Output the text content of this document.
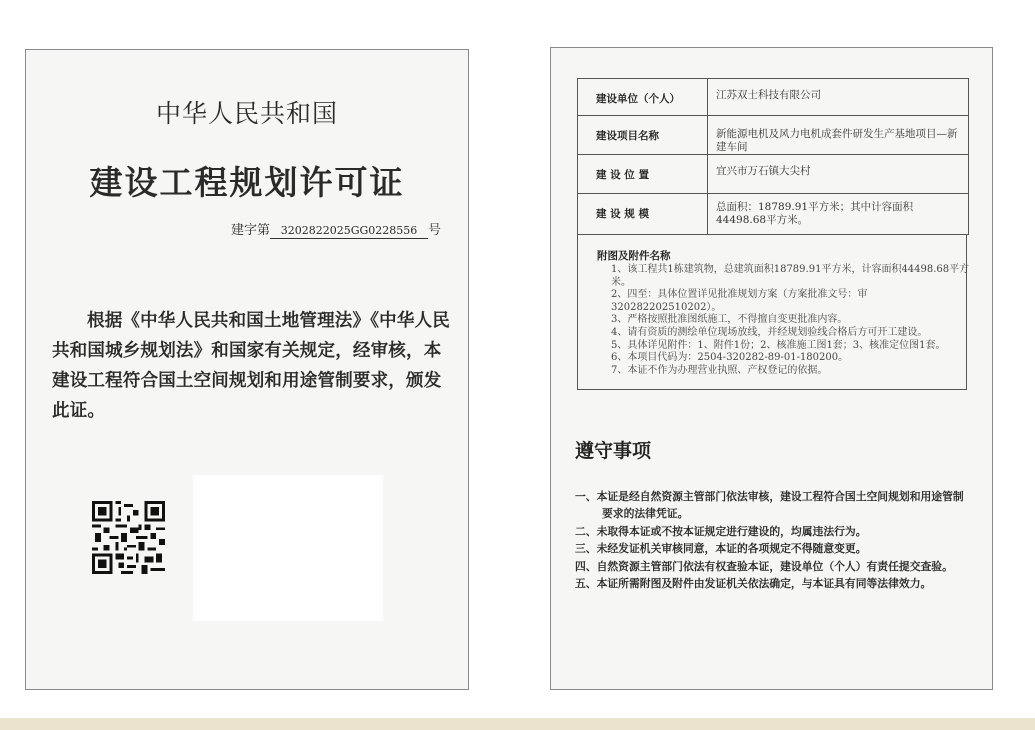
中华人民共和国
建设工程规划许可证
建字第 3202822025GG0228556 号
根据《中华人民共和国土地管理法》《中华人民共和国城乡规划法》和国家有关规定，经审核，本建设工程符合国土空间规划和用途管制要求，颁发此证。
建设单位（个人）	江苏双士科技有限公司
建设项目名称	新能源电机及风力电机成套件研发生产基地项目—新建车间
建 设 位 置	宜兴市万石镇大尖村
建 设 规 模	总面积：18789.91平方米；其中计容面积44498.68平方米。
附图及附件名称
1、该工程共1栋建筑物，总建筑面积18789.91平方米，计容面积44498.68平方米。
2、四至：具体位置详见批准规划方案（方案批准文号：审320282202510202）。
3、严格按照批准图纸施工，不得擅自变更批准内容。
4、请有资质的测绘单位现场放线，并经规划验线合格后方可开工建设。
5、具体详见附件：1、附件1份；2、核准施工图1套；3、核准定位图1套。
6、本项目代码为：2504-320282-89-01-180200。
7、本证不作为办理营业执照、产权登记的依据。
遵守事项
一、本证是经自然资源主管部门依法审核，建设工程符合国土空间规划和用途管制要求的法律凭证。
二、未取得本证或不按本证规定进行建设的，均属违法行为。
三、未经发证机关审核同意，本证的各项规定不得随意变更。
四、自然资源主管部门依法有权查验本证，建设单位（个人）有责任提交查验。
五、本证所需附图及附件由发证机关依法确定，与本证具有同等法律效力。
